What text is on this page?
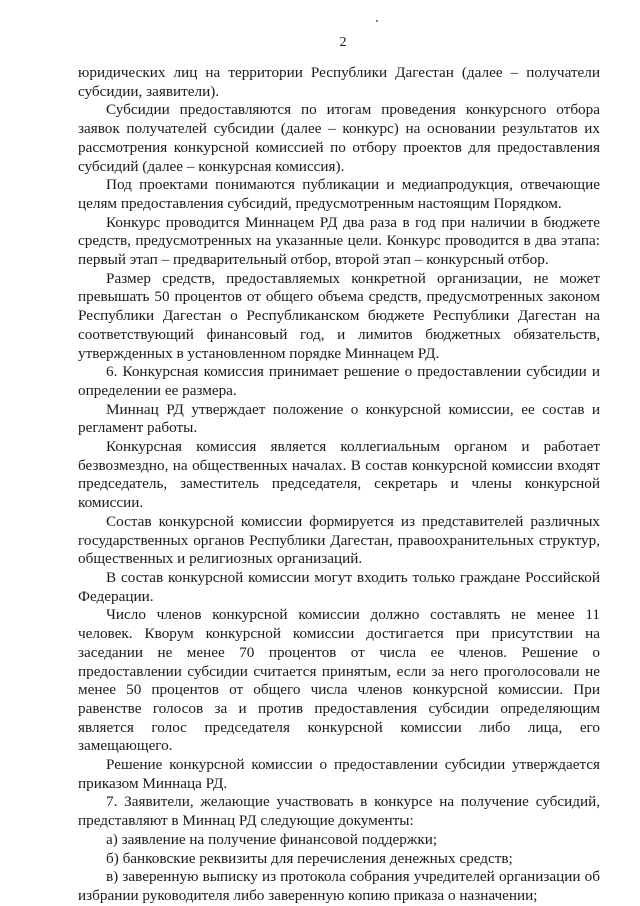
2

юридических лиц на территории Республики Дагестан (далее – получатели субсидии, заявители).

Субсидии предоставляются по итогам проведения конкурсного отбора заявок получателей субсидии (далее – конкурс) на основании результатов их рассмотрения конкурсной комиссией по отбору проектов для предоставления субсидий (далее – конкурсная комиссия).

Под проектами понимаются публикации и медиапродукция, отвечающие целям предоставления субсидий, предусмотренным настоящим Порядком.

Конкурс проводится Миннацем РД два раза в год при наличии в бюджете средств, предусмотренных на указанные цели. Конкурс проводится в два этапа: первый этап – предварительный отбор, второй этап – конкурсный отбор.

Размер средств, предоставляемых конкретной организации, не может превышать 50 процентов от общего объема средств, предусмотренных законом Республики Дагестан о Республиканском бюджете Республики Дагестан на соответствующий финансовый год, и лимитов бюджетных обязательств, утвержденных в установленном порядке Миннацем РД.

6. Конкурсная комиссия принимает решение о предоставлении субсидии и определении ее размера.

Миннац РД утверждает положение о конкурсной комиссии, ее состав и регламент работы.

Конкурсная комиссия является коллегиальным органом и работает безвозмездно, на общественных началах. В состав конкурсной комиссии входят председатель, заместитель председателя, секретарь и члены конкурсной комиссии.

Состав конкурсной комиссии формируется из представителей различных государственных органов Республики Дагестан, правоохранительных структур, общественных и религиозных организаций.

В состав конкурсной комиссии могут входить только граждане Российской Федерации.

Число членов конкурсной комиссии должно составлять не менее 11 человек. Кворум конкурсной комиссии достигается при присутствии на заседании не менее 70 процентов от числа ее членов. Решение о предоставлении субсидии считается принятым, если за него проголосовали не менее 50 процентов от общего числа членов конкурсной комиссии. При равенстве голосов за и против предоставления субсидии определяющим является голос председателя конкурсной комиссии либо лица, его замещающего.

Решение конкурсной комиссии о предоставлении субсидии утверждается приказом Миннаца РД.

7. Заявители, желающие участвовать в конкурсе на получение субсидий, представляют в Миннац РД следующие документы:

а) заявление на получение финансовой поддержки;

б) банковские реквизиты для перечисления денежных средств;

в) заверенную выписку из протокола собрания учредителей организации об избрании руководителя либо заверенную копию приказа о назначении;
